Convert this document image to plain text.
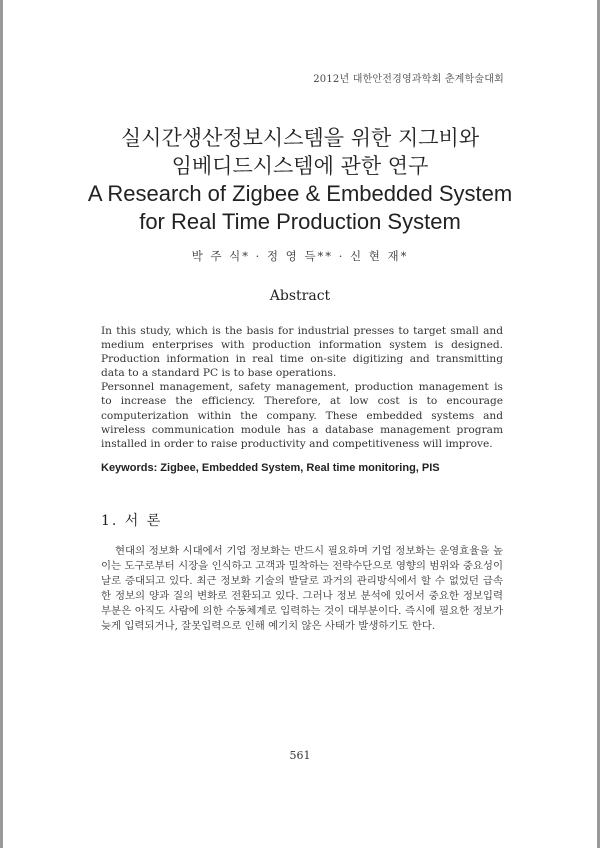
2012년 대한안전경영과학회 춘계학술대회
실시간생산정보시스템을 위한 지그비와
임베디드시스템에 관한 연구
A Research of Zigbee & Embedded System
for Real Time Production System
박 주 식* · 정 영 득** · 신 현 재*
Abstract

In this study, which is the basis for industrial presses to target small and medium enterprises with production information system is designed. Production information in real time on-site digitizing and transmitting data to a standard PC is to base operations.

Personnel management, safety management, production management is to increase the efficiency. Therefore, at low cost is to encourage computerization within the company. These embedded systems and wireless communication module has a database management program installed in order to raise productivity and competitiveness will improve.

Keywords: Zigbee, Embedded System, Real time monitoring, PIS
1. 서 론

현대의 정보화 시대에서 기업 정보화는 반드시 필요하며 기업 정보화는 운영효율을 높이는 도구로부터 시장을 인식하고 고객과 밀착하는 전략수단으로 영향의 범위와 중요성이 날로 증대되고 있다. 최근 정보화 기술의 발달로 과거의 관리방식에서 할 수 없었던 급속한 정보의 양과 질의 변화로 전환되고 있다. 그러나 정보 분석에 있어서 중요한 정보입력 부분은 아직도 사람에 의한 수동체계로 입력하는 것이 대부분이다. 즉시에 필요한 정보가 늦게 입력되거나, 잘못입력으로 인해 예기치 않은 사태가 발생하기도 한다.

561
